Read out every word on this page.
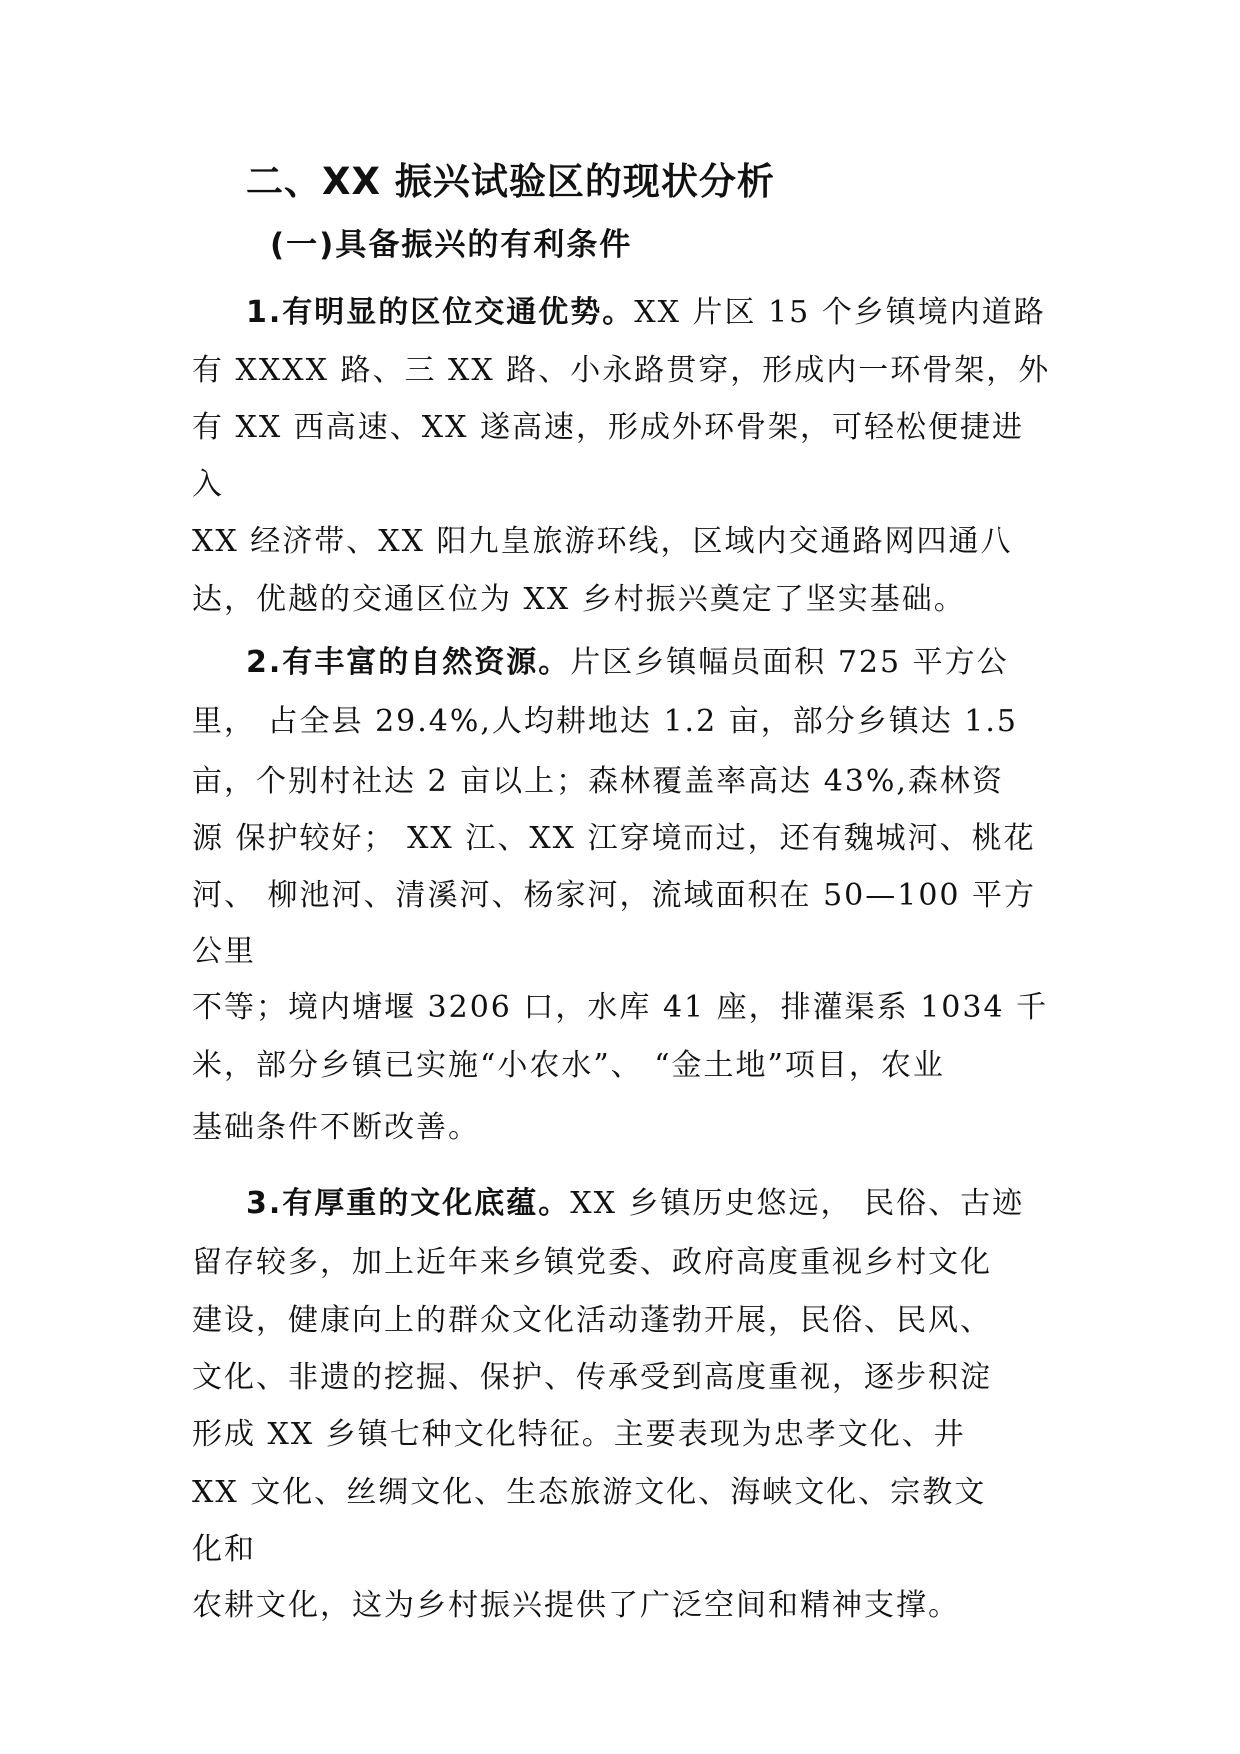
二、XX 振兴试验区的现状分析
(一)具备振兴的有利条件
1.有明显的区位交通优势。XX 片区 15 个乡镇境内道路
有 XXXX 路、三 XX 路、小永路贯穿，形成内一环骨架，外
有 XX 西高速、XX 遂高速，形成外环骨架，可轻松便捷进
入
XX 经济带、XX 阳九皇旅游环线，区域内交通路网四通八
达，优越的交通区位为 XX 乡村振兴奠定了坚实基础。
2.有丰富的自然资源。片区乡镇幅员面积 725 平方公
里， 占全县 29.4%,人均耕地达 1.2 亩，部分乡镇达 1.5
亩，个别村社达 2 亩以上；森林覆盖率高达 43%,森林资
源 保护较好； XX 江、XX 江穿境而过，还有魏城河、桃花
河、 柳池河、清溪河、杨家河，流域面积在 50—100 平方
公里
不等；境内塘堰 3206 口，水库 41 座，排灌渠系 1034 千
米，部分乡镇已实施“小农水”、 “金土地”项目，农业
基础条件不断改善。
3.有厚重的文化底蕴。XX 乡镇历史悠远， 民俗、古迹
留存较多，加上近年来乡镇党委、政府高度重视乡村文化
建设，健康向上的群众文化活动蓬勃开展，民俗、民风、
文化、非遗的挖掘、保护、传承受到高度重视，逐步积淀
形成 XX 乡镇七种文化特征。主要表现为忠孝文化、井
XX 文化、丝绸文化、生态旅游文化、海峡文化、宗教文
化和
农耕文化，这为乡村振兴提供了广泛空间和精神支撑。
